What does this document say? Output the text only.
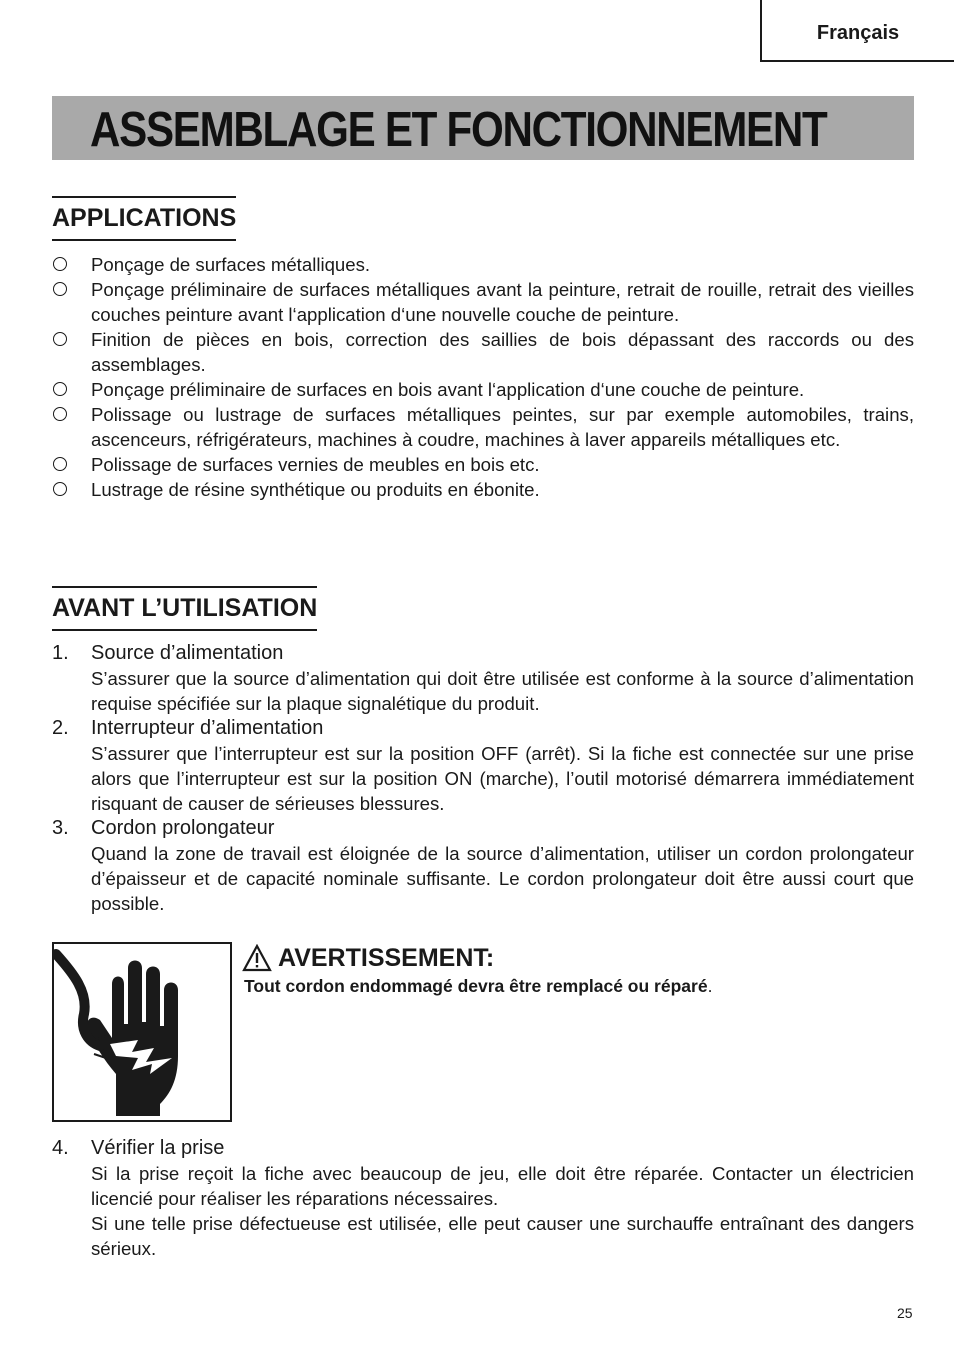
Français
ASSEMBLAGE ET FONCTIONNEMENT
APPLICATIONS
Ponçage de surfaces métalliques.
Ponçage préliminaire de surfaces métalliques avant la peinture, retrait de rouille, retrait des vieilles couches peinture avant l‘application d‘une nouvelle couche de peinture.
Finition de pièces en bois, correction des saillies de bois dépassant des raccords ou des assemblages.
Ponçage préliminaire de surfaces en bois avant l‘application d‘une couche de peinture.
Polissage ou lustrage de surfaces métalliques peintes, sur par exemple automobiles, trains, ascenceurs, réfrigérateurs, machines à coudre, machines à laver appareils métalliques etc.
Polissage de surfaces vernies de meubles en bois etc.
Lustrage de résine synthétique ou produits en ébonite.
AVANT L’UTILISATION
1. Source d’alimentation
S’assurer que la source d’alimentation qui doit être utilisée est conforme à la source d’alimentation requise spécifiée sur la plaque signalétique du produit.
2. Interrupteur d’alimentation
S’assurer que l’interrupteur est sur la position OFF (arrêt). Si la fiche est connectée sur une prise alors que l’interrupteur est sur la position ON (marche), l’outil motorisé démarrera immédiatement risquant de causer de sérieuses blessures.
3. Cordon prolongateur
Quand la zone de travail est éloignée de la source d’alimentation, utiliser un cordon prolongateur d’épaisseur et de capacité nominale suffisante. Le cordon prolongateur doit être aussi court que possible.
AVERTISSEMENT:
Tout cordon endommagé devra être remplacé ou réparé.
4. Vérifier la prise
Si la prise reçoit la fiche avec beaucoup de jeu, elle doit être réparée. Contacter un électricien licencié pour réaliser les réparations nécessaires.
Si une telle prise défectueuse est utilisée, elle peut causer une surchauffe entraînant des dangers sérieux.
25
